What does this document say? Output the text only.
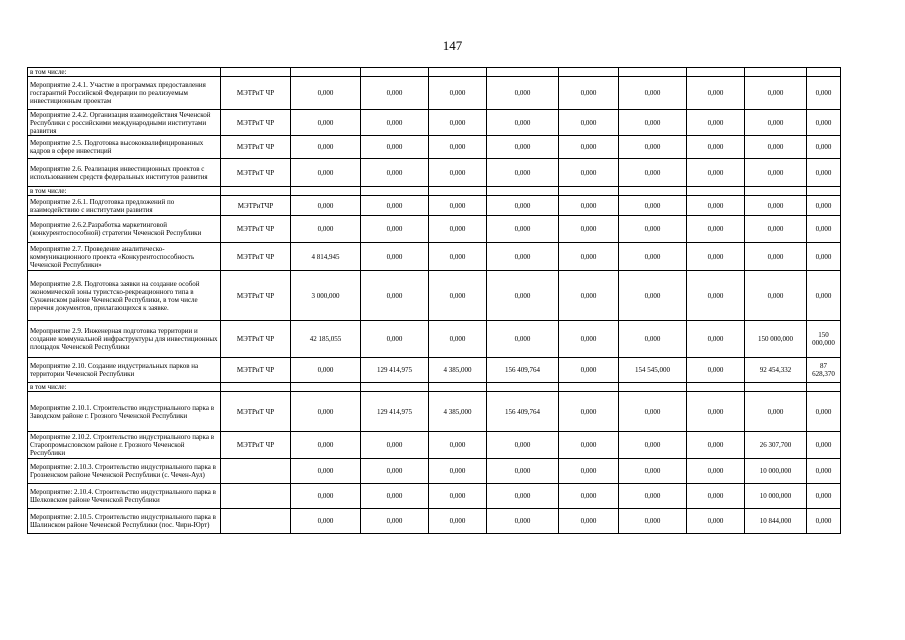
147
в том числе:										
Мероприятие 2.4.1. Участие в программах предоставления госгарантий Российской Федерации по реализуемым инвестиционным проектам	МЭТРиТ ЧР	0,000	0,000	0,000	0,000	0,000	0,000	0,000	0,000	0,000
Мероприятие 2.4.2. Организация взаимодействия Чеченской Республики с российскими международными институтами развития	МЭТРиТ ЧР	0,000	0,000	0,000	0,000	0,000	0,000	0,000	0,000	0,000
Мероприятие 2.5. Подготовка высококвалифицированных кадров в сфере инвестиций	МЭТРиТ ЧР	0,000	0,000	0,000	0,000	0,000	0,000	0,000	0,000	0,000
Мероприятие 2.6. Реализация инвестиционных проектов с использованием средств федеральных институтов развития	МЭТРиТ ЧР	0,000	0,000	0,000	0,000	0,000	0,000	0,000	0,000	0,000
в том числе:										
Мероприятие 2.6.1. Подготовка предложений по взаимодействию с институтами развития	МЭТРиТЧР	0,000	0,000	0,000	0,000	0,000	0,000	0,000	0,000	0,000
Мероприятие 2.6.2.Разработка маркетинговой (конкурентоспособной) стратегии Чеченской Республики	МЭТРиТ ЧР	0,000	0,000	0,000	0,000	0,000	0,000	0,000	0,000	0,000
Мероприятие 2.7. Проведение аналитическо-коммуникационного проекта «Конкурентоспособность Чеченской Республики»	МЭТРиТ ЧР	4 814,945	0,000	0,000	0,000	0,000	0,000	0,000	0,000	0,000
Мероприятие 2.8. Подготовка заявки на создание особой экономической зоны туристско-рекреационного типа в Сунженском районе Чеченской Республики, в том числе перечня документов, прилагающихся к заявке.	МЭТРиТ ЧР	3 000,000	0,000	0,000	0,000	0,000	0,000	0,000	0,000	0,000
Мероприятие 2.9. Инженерная подготовка территории и создание коммунальной инфраструктуры для инвестиционных площадок Чеченской Республики	МЭТРиТ ЧР	42 185,055	0,000	0,000	0,000	0,000	0,000	0,000	150 000,000	150 000,000
Мероприятие 2.10. Создание индустриальных парков на территории Чеченской Республики	МЭТРиТ ЧР	0,000	129 414,975	4 385,000	156 409,764	0,000	154 545,000	0,000	92 454,332	87 628,370
в том числе:										
Мероприятие 2.10.1. Строительство индустриального парка в Заводском районе г. Грозного Чеченской Республики	МЭТРиТ ЧР	0,000	129 414,975	4 385,000	156 409,764	0,000	0,000	0,000	0,000	0,000
Мероприятие 2.10.2. Строительство индустриального парка в Старопромысловском районе г. Грозного Чеченской Республики	МЭТРиТ ЧР	0,000	0,000	0,000	0,000	0,000	0,000	0,000	26 307,700	0,000
Мероприятие: 2.10.3. Строительство индустриального парка в Грозненском районе Чеченской Республики (с. Чечен-Аул)		0,000	0,000	0,000	0,000	0,000	0,000	0,000	10 000,000	0,000
Мероприятие: 2.10.4. Строительство индустриального парка в Шелковском районе Чеченской Республики		0,000	0,000	0,000	0,000	0,000	0,000	0,000	10 000,000	0,000
Мероприятие: 2.10.5. Строительство индустриального парка в Шалинском районе Чеченской Республики (пос. Чири-Юрт)		0,000	0,000	0,000	0,000	0,000	0,000	0,000	10 844,000	0,000
